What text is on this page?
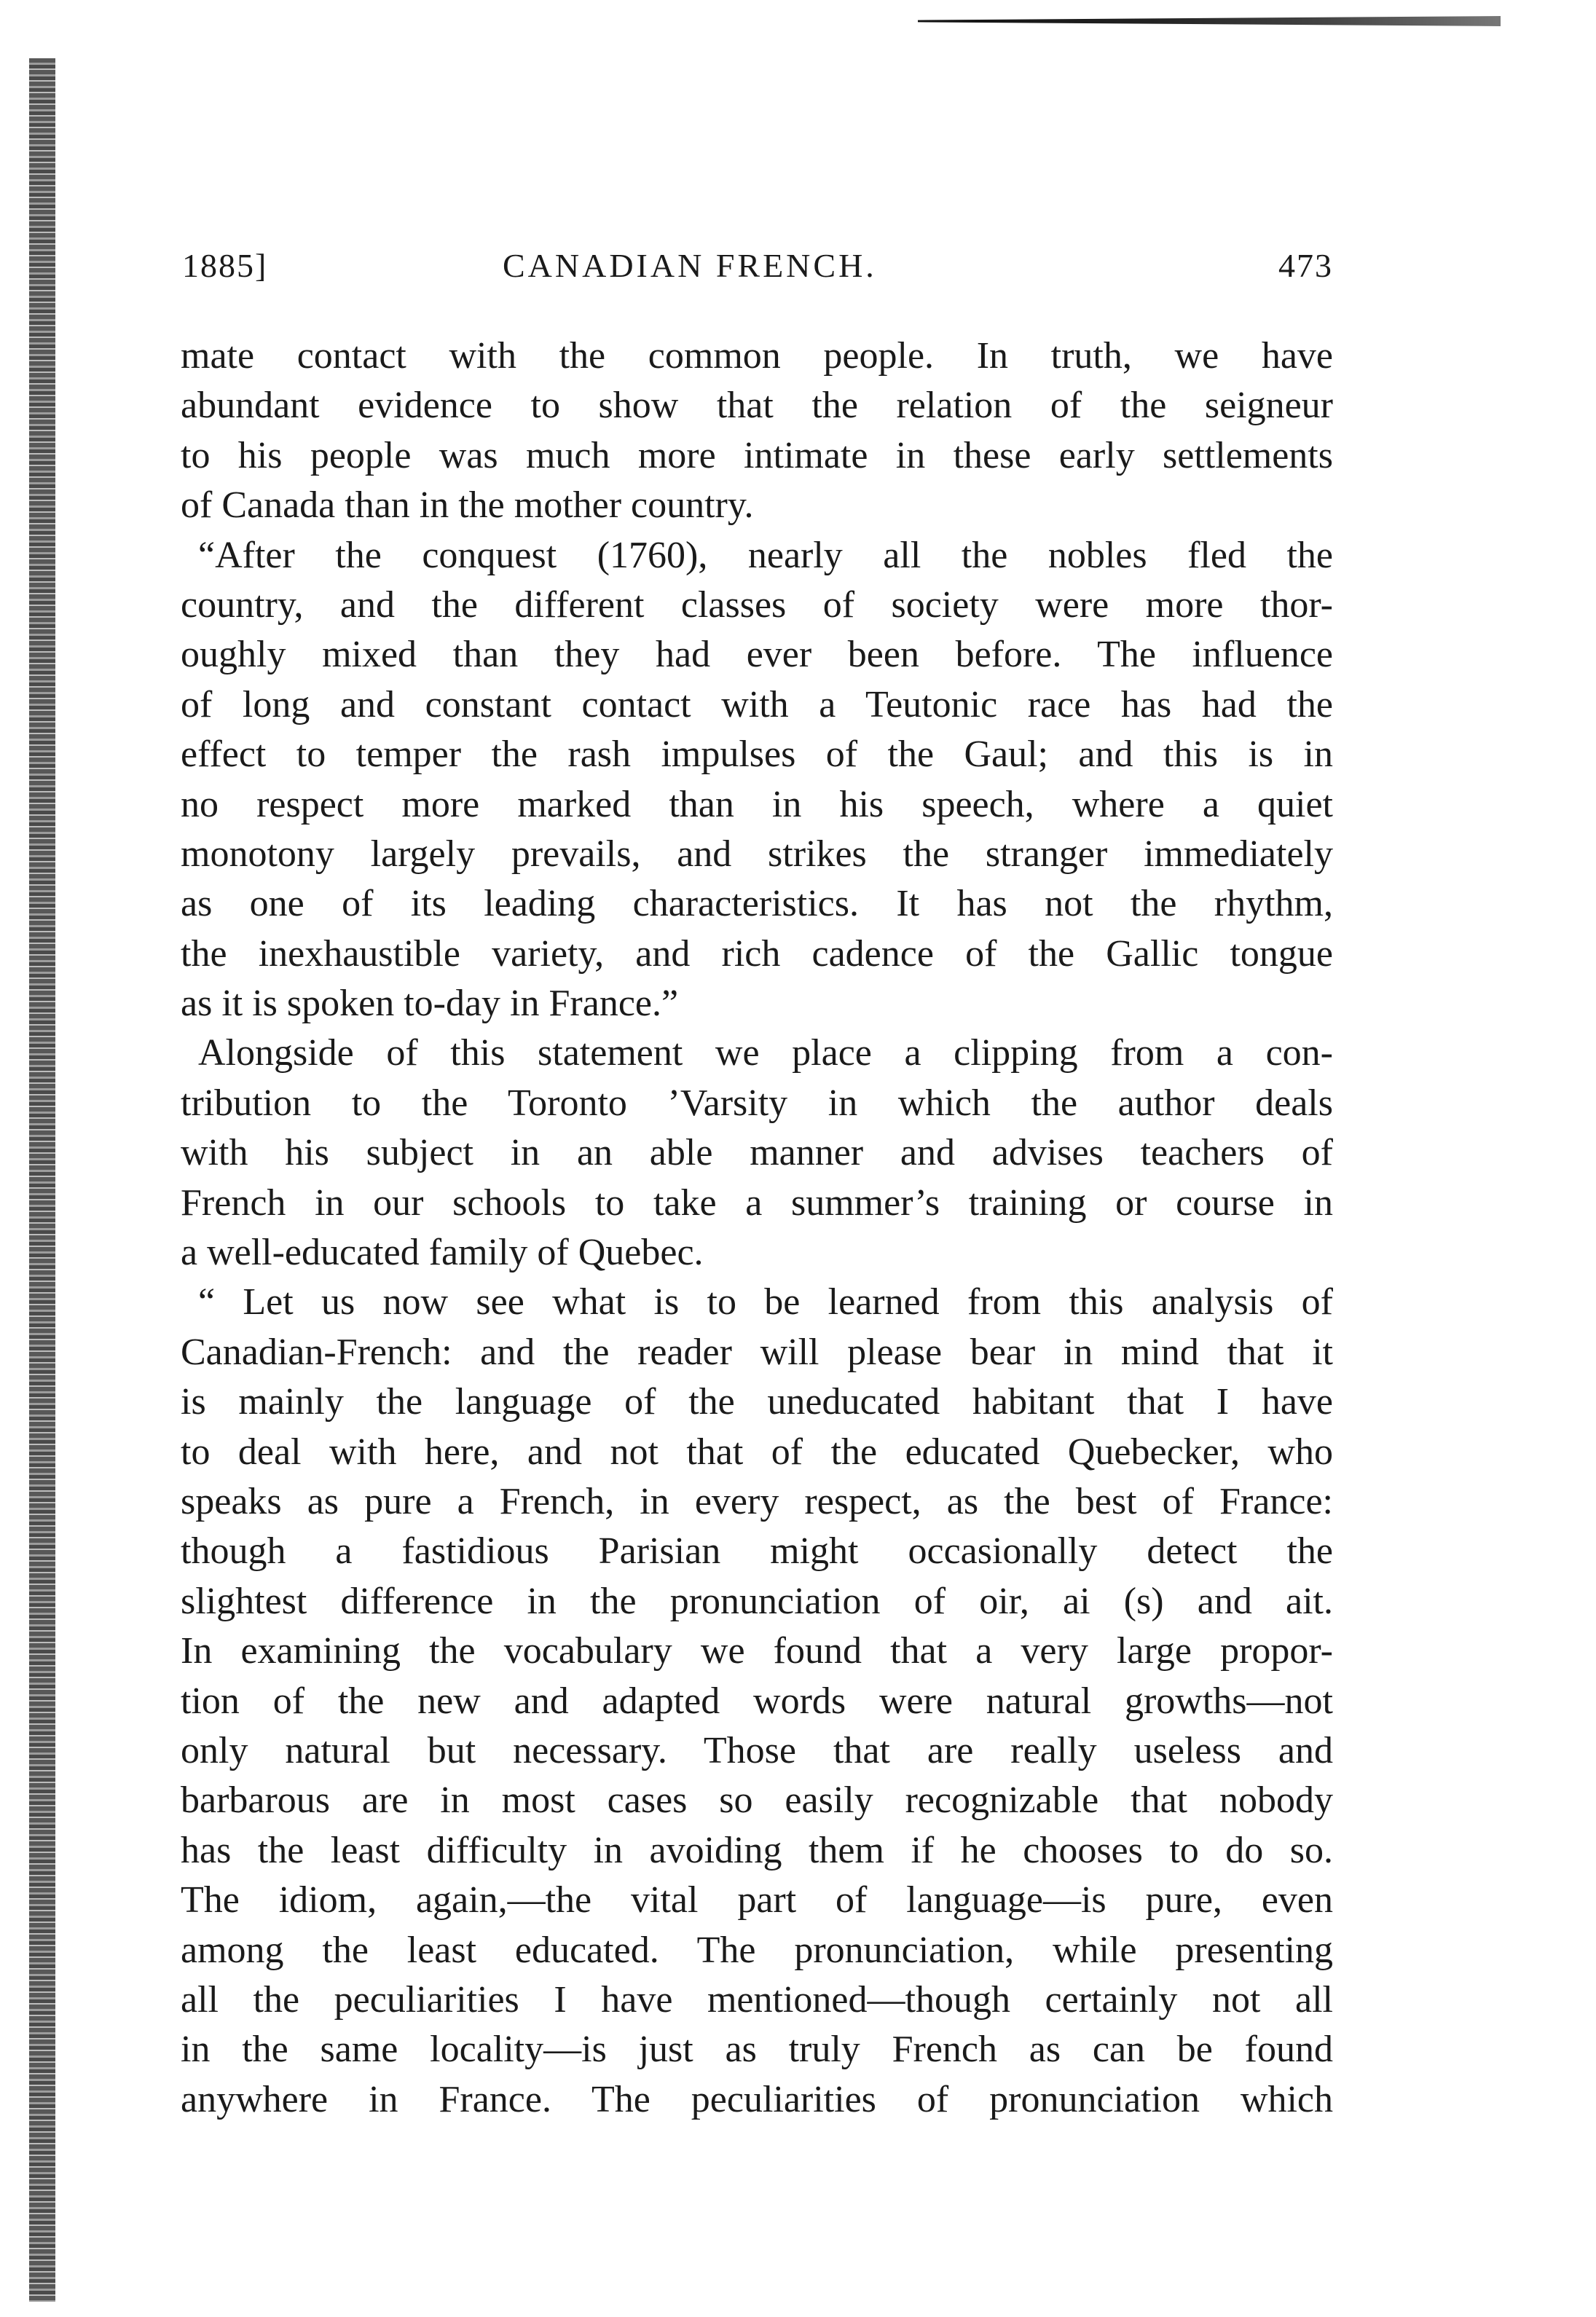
1885]	CANADIAN FRENCH.	473
mate contact with the common people. In truth, we have
abundant evidence to show that the relation of the seigneur
to his people was much more intimate in these early settlements
of Canada than in the mother country.
“After the conquest (1760), nearly all the nobles fled the
country, and the different classes of society were more thor-
oughly mixed than they had ever been before. The influence
of long and constant contact with a Teutonic race has had the
effect to temper the rash impulses of the Gaul; and this is in
no respect more marked than in his speech, where a quiet
monotony largely prevails, and strikes the stranger immediately
as one of its leading characteristics. It has not the rhythm,
the inexhaustible variety, and rich cadence of the Gallic tongue
as it is spoken to-day in France.”
Alongside of this statement we place a clipping from a con-
tribution to the Toronto ’Varsity in which the author deals
with his subject in an able manner and advises teachers of
French in our schools to take a summer’s training or course in
a well-educated family of Quebec.
“ Let us now see what is to be learned from this analysis of
Canadian-French: and the reader will please bear in mind that it
is mainly the language of the uneducated habitant that I have
to deal with here, and not that of the educated Quebecker, who
speaks as pure a French, in every respect, as the best of France:
though a fastidious Parisian might occasionally detect the
slightest difference in the pronunciation of oir, ai (s) and ait.
In examining the vocabulary we found that a very large propor-
tion of the new and adapted words were natural growths—not
only natural but necessary. Those that are really useless and
barbarous are in most cases so easily recognizable that nobody
has the least difficulty in avoiding them if he chooses to do so.
The idiom, again,—the vital part of language—is pure, even
among the least educated. The pronunciation, while presenting
all the peculiarities I have mentioned—though certainly not all
in the same locality—is just as truly French as can be found
anywhere in France. The peculiarities of pronunciation which
